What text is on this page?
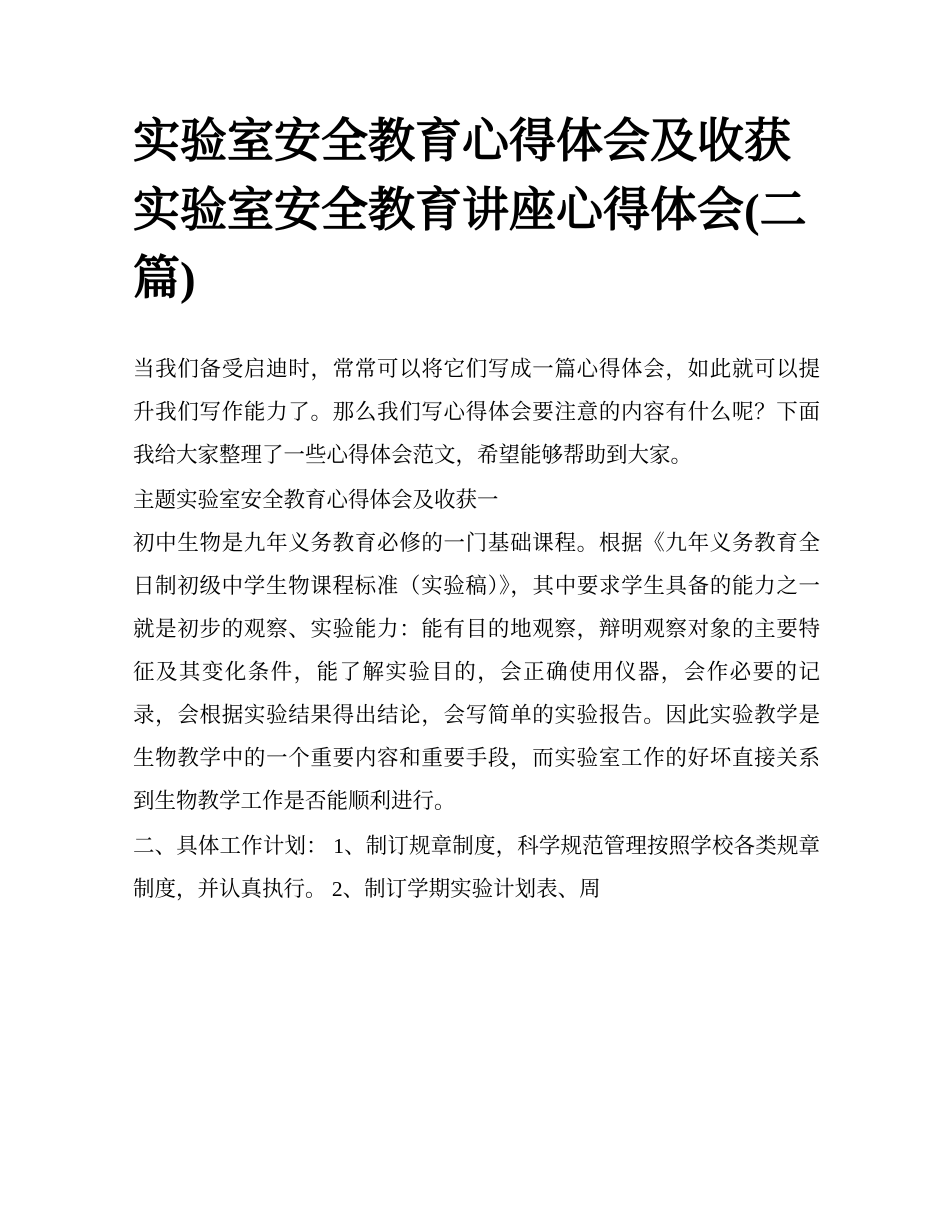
实验室安全教育心得体会及收获 实验室安全教育讲座心得体会(二篇)

当我们备受启迪时，常常可以将它们写成一篇心得体会，如此就可以提升我们写作能力了。那么我们写心得体会要注意的内容有什么呢？下面我给大家整理了一些心得体会范文，希望能够帮助到大家。

主题实验室安全教育心得体会及收获一

初中生物是九年义务教育必修的一门基础课程。根据《九年义务教育全日制初级中学生物课程标准（实验稿）》，其中要求学生具备的能力之一就是初步的观察、实验能力：能有目的地观察，辩明观察对象的主要特征及其变化条件，能了解实验目的，会正确使用仪器，会作必要的记录，会根据实验结果得出结论，会写简单的实验报告。因此实验教学是生物教学中的一个重要内容和重要手段，而实验室工作的好坏直接关系到生物教学工作是否能顺利进行。

二、具体工作计划： 1、制订规章制度，科学规范管理按照学校各类规章制度，并认真执行。 2、制订学期实验计划表、周
